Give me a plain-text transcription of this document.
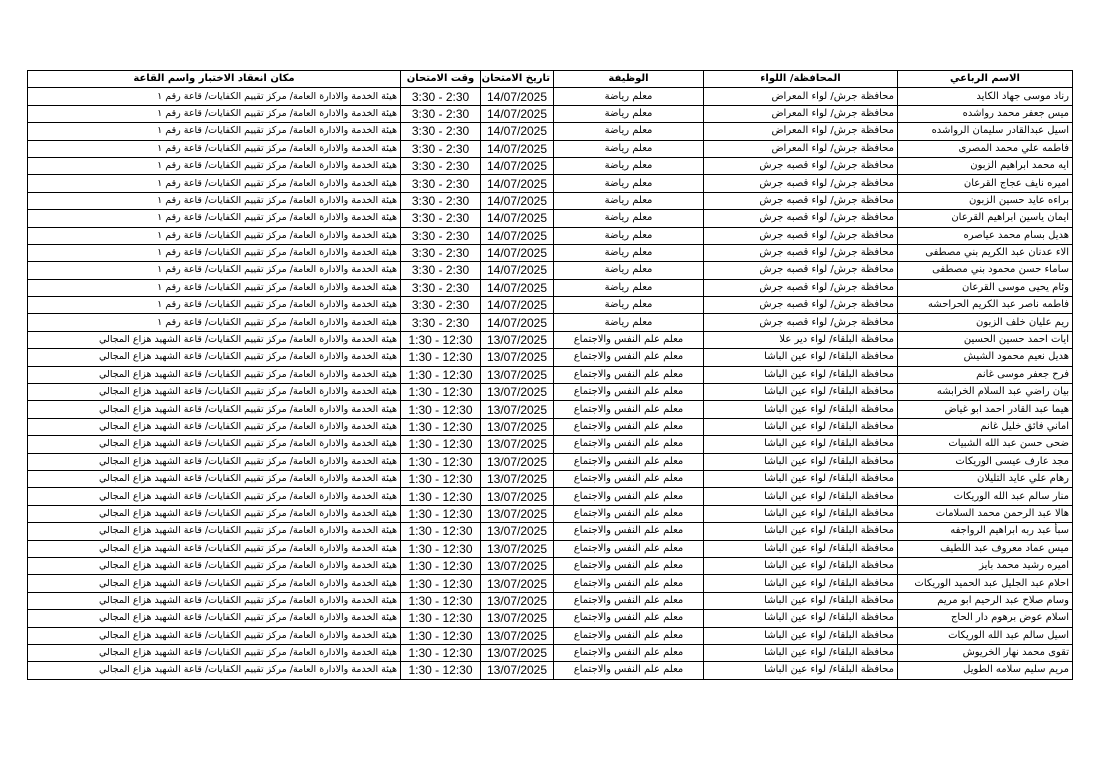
الاسم الرباعي	المحافظة/ اللواء	الوظيفة	تاريخ الامتحان	وقت الامتحان	مكان انعقاد الاختبار واسم القاعة
رناد موسى جهاد الكايد	محافظة جرش/ لواء المعراض	معلم رياضة	14/07/2025	3:30 - 2:30	هيئة الخدمة والادارة العامة/ مركز تقييم الكفايات/ قاعة رقم ١
ميس جعفر محمد رواشده	محافظة جرش/ لواء المعراض	معلم رياضة	14/07/2025	3:30 - 2:30	هيئة الخدمة والادارة العامة/ مركز تقييم الكفايات/ قاعة رقم ١
اسيل عبدالقادر سليمان الرواشده	محافظة جرش/ لواء المعراض	معلم رياضة	14/07/2025	3:30 - 2:30	هيئة الخدمة والادارة العامة/ مركز تقييم الكفايات/ قاعة رقم ١
فاطمه علي محمد المصرى	محافظة جرش/ لواء المعراض	معلم رياضة	14/07/2025	3:30 - 2:30	هيئة الخدمة والادارة العامة/ مركز تقييم الكفايات/ قاعة رقم ١
ايه محمد ابراهيم الزبون	محافظة جرش/ لواء قصبه جرش	معلم رياضة	14/07/2025	3:30 - 2:30	هيئة الخدمة والادارة العامة/ مركز تقييم الكفايات/ قاعة رقم ١
اميره نايف عجاج القرعان	محافظة جرش/ لواء قصبه جرش	معلم رياضة	14/07/2025	3:30 - 2:30	هيئة الخدمة والادارة العامة/ مركز تقييم الكفايات/ قاعة رقم ١
براءه عايد حسين الزبون	محافظة جرش/ لواء قصبه جرش	معلم رياضة	14/07/2025	3:30 - 2:30	هيئة الخدمة والادارة العامة/ مركز تقييم الكفايات/ قاعة رقم ١
ايمان ياسين ابراهيم القرعان	محافظة جرش/ لواء قصبه جرش	معلم رياضة	14/07/2025	3:30 - 2:30	هيئة الخدمة والادارة العامة/ مركز تقييم الكفايات/ قاعة رقم ١
هديل بسام محمد عياصره	محافظة جرش/ لواء قصبه جرش	معلم رياضة	14/07/2025	3:30 - 2:30	هيئة الخدمة والادارة العامة/ مركز تقييم الكفايات/ قاعة رقم ١
الاء عدنان عبد الكريم بني مصطفى	محافظة جرش/ لواء قصبه جرش	معلم رياضة	14/07/2025	3:30 - 2:30	هيئة الخدمة والادارة العامة/ مركز تقييم الكفايات/ قاعة رقم ١
ساماء حسن محمود بني مصطفى	محافظة جرش/ لواء قصبه جرش	معلم رياضة	14/07/2025	3:30 - 2:30	هيئة الخدمة والادارة العامة/ مركز تقييم الكفايات/ قاعة رقم ١
وئام يحيى موسى القرعان	محافظة جرش/ لواء قصبه جرش	معلم رياضة	14/07/2025	3:30 - 2:30	هيئة الخدمة والادارة العامة/ مركز تقييم الكفايات/ قاعة رقم ١
فاطمه ناصر عبد الكريم الحراحشه	محافظة جرش/ لواء قصبه جرش	معلم رياضة	14/07/2025	3:30 - 2:30	هيئة الخدمة والادارة العامة/ مركز تقييم الكفايات/ قاعة رقم ١
ريم عليان خلف الزبون	محافظة جرش/ لواء قصبه جرش	معلم رياضة	14/07/2025	3:30 - 2:30	هيئة الخدمة والادارة العامة/ مركز تقييم الكفايات/ قاعة رقم ١
ايات احمد حسين الحسين	محافظة البلقاء/ لواء دير علا	معلم علم النفس والاجتماع	13/07/2025	1:30 - 12:30	هيئة الخدمة والادارة العامة/ مركز تقييم الكفايات/ قاعة الشهيد هزاع المجالي
هديل نعيم محمود الشيش	محافظة البلقاء/ لواء عين الباشا	معلم علم النفس والاجتماع	13/07/2025	1:30 - 12:30	هيئة الخدمة والادارة العامة/ مركز تقييم الكفايات/ قاعة الشهيد هزاع المجالي
فرح جعفر موسى غانم	محافظة البلقاء/ لواء عين الباشا	معلم علم النفس والاجتماع	13/07/2025	1:30 - 12:30	هيئة الخدمة والادارة العامة/ مركز تقييم الكفايات/ قاعة الشهيد هزاع المجالي
بيان راضي عبد السلام الخرابشه	محافظة البلقاء/ لواء عين الباشا	معلم علم النفس والاجتماع	13/07/2025	1:30 - 12:30	هيئة الخدمة والادارة العامة/ مركز تقييم الكفايات/ قاعة الشهيد هزاع المجالي
هيما عبد القادر احمد ابو غياض	محافظة البلقاء/ لواء عين الباشا	معلم علم النفس والاجتماع	13/07/2025	1:30 - 12:30	هيئة الخدمة والادارة العامة/ مركز تقييم الكفايات/ قاعة الشهيد هزاع المجالي
اماني فائق خليل غانم	محافظة البلقاء/ لواء عين الباشا	معلم علم النفس والاجتماع	13/07/2025	1:30 - 12:30	هيئة الخدمة والادارة العامة/ مركز تقييم الكفايات/ قاعة الشهيد هزاع المجالي
ضحى حسن عبد الله الشبيات	محافظة البلقاء/ لواء عين الباشا	معلم علم النفس والاجتماع	13/07/2025	1:30 - 12:30	هيئة الخدمة والادارة العامة/ مركز تقييم الكفايات/ قاعة الشهيد هزاع المجالي
مجد عارف عيسى الوريكات	محافظة البلقاء/ لواء عين الباشا	معلم علم النفس والاجتماع	13/07/2025	1:30 - 12:30	هيئة الخدمة والادارة العامة/ مركز تقييم الكفايات/ قاعة الشهيد هزاع المجالي
رهام علي عايد التليلان	محافظة البلقاء/ لواء عين الباشا	معلم علم النفس والاجتماع	13/07/2025	1:30 - 12:30	هيئة الخدمة والادارة العامة/ مركز تقييم الكفايات/ قاعة الشهيد هزاع المجالي
منار سالم عبد الله الوريكات	محافظة البلقاء/ لواء عين الباشا	معلم علم النفس والاجتماع	13/07/2025	1:30 - 12:30	هيئة الخدمة والادارة العامة/ مركز تقييم الكفايات/ قاعة الشهيد هزاع المجالي
هالا عبد الرحمن محمد السلامات	محافظة البلقاء/ لواء عين الباشا	معلم علم النفس والاجتماع	13/07/2025	1:30 - 12:30	هيئة الخدمة والادارة العامة/ مركز تقييم الكفايات/ قاعة الشهيد هزاع المجالي
سبأ عبد ربه ابراهيم الرواجفه	محافظة البلقاء/ لواء عين الباشا	معلم علم النفس والاجتماع	13/07/2025	1:30 - 12:30	هيئة الخدمة والادارة العامة/ مركز تقييم الكفايات/ قاعة الشهيد هزاع المجالي
ميس عماد معروف عبد اللطيف	محافظة البلقاء/ لواء عين الباشا	معلم علم النفس والاجتماع	13/07/2025	1:30 - 12:30	هيئة الخدمة والادارة العامة/ مركز تقييم الكفايات/ قاعة الشهيد هزاع المجالي
اميره رشيد محمد بايز	محافظة البلقاء/ لواء عين الباشا	معلم علم النفس والاجتماع	13/07/2025	1:30 - 12:30	هيئة الخدمة والادارة العامة/ مركز تقييم الكفايات/ قاعة الشهيد هزاع المجالي
احلام عبد الجليل عبد الحميد الوريكات	محافظة البلقاء/ لواء عين الباشا	معلم علم النفس والاجتماع	13/07/2025	1:30 - 12:30	هيئة الخدمة والادارة العامة/ مركز تقييم الكفايات/ قاعة الشهيد هزاع المجالي
وسام صلاح عبد الرحيم ابو مريم	محافظة البلقاء/ لواء عين الباشا	معلم علم النفس والاجتماع	13/07/2025	1:30 - 12:30	هيئة الخدمة والادارة العامة/ مركز تقييم الكفايات/ قاعة الشهيد هزاع المجالي
اسلام عوض برهوم دار الحاج	محافظة البلقاء/ لواء عين الباشا	معلم علم النفس والاجتماع	13/07/2025	1:30 - 12:30	هيئة الخدمة والادارة العامة/ مركز تقييم الكفايات/ قاعة الشهيد هزاع المجالي
اسيل سالم عبد الله الوريكات	محافظة البلقاء/ لواء عين الباشا	معلم علم النفس والاجتماع	13/07/2025	1:30 - 12:30	هيئة الخدمة والادارة العامة/ مركز تقييم الكفايات/ قاعة الشهيد هزاع المجالي
تقوى محمد نهار الخريوش	محافظة البلقاء/ لواء عين الباشا	معلم علم النفس والاجتماع	13/07/2025	1:30 - 12:30	هيئة الخدمة والادارة العامة/ مركز تقييم الكفايات/ قاعة الشهيد هزاع المجالي
مريم سليم سلامه الطويل	محافظة البلقاء/ لواء عين الباشا	معلم علم النفس والاجتماع	13/07/2025	1:30 - 12:30	هيئة الخدمة والادارة العامة/ مركز تقييم الكفايات/ قاعة الشهيد هزاع المجالي
